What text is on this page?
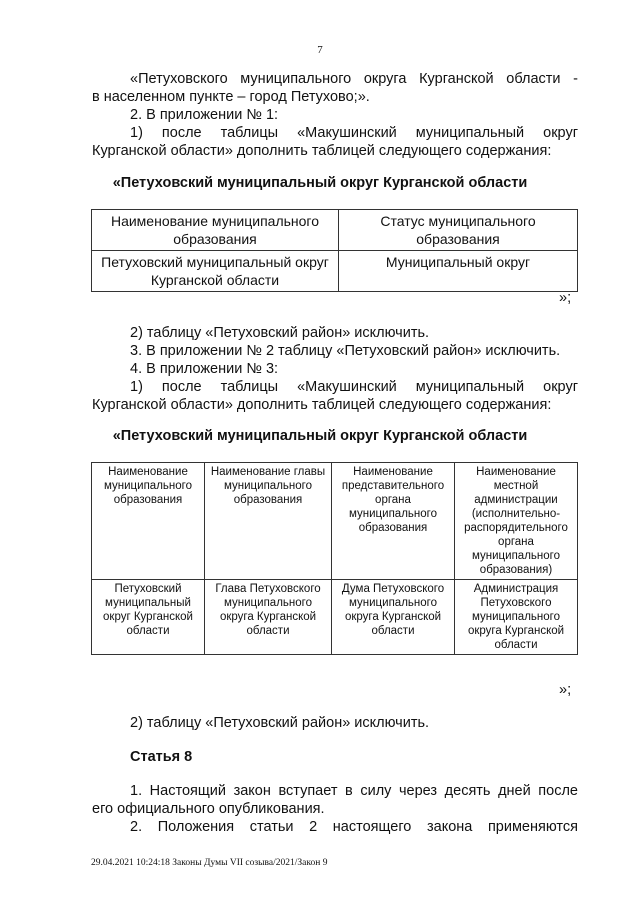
7
«Петуховского муниципального округа Курганской области -
в населенном пункте – город Петухово;».
2. В приложении № 1:
1) после таблицы «Макушинский муниципальный округ
Курганской области» дополнить таблицей следующего содержания:
«Петуховский муниципальный округ Курганской области
Наименование муниципального образования	Статус муниципального образования
Петуховский муниципальный округ Курганской области	Муниципальный округ
»;
2) таблицу «Петуховский район» исключить.
3. В приложении № 2 таблицу «Петуховский район» исключить.
4. В приложении № 3:
1) после таблицы «Макушинский муниципальный округ
Курганской области» дополнить таблицей следующего содержания:
«Петуховский муниципальный округ Курганской области
Наименование муниципального образования	Наименование главы муниципального образования	Наименование представительного органа муниципального образования	Наименование местной администрации (исполнительно-распорядительного органа муниципального образования)
Петуховский муниципальный округ Курганской области	Глава Петуховского муниципального округа Курганской области	Дума Петуховского муниципального округа Курганской области	Администрация Петуховского муниципального округа Курганской области
»;
2) таблицу «Петуховский район» исключить.
Статья 8
1. Настоящий закон вступает в силу через десять дней после
его официального опубликования.
2. Положения статьи 2 настоящего закона применяются
29.04.2021 10:24:18 Законы Думы VII созыва/2021/Закон 9
